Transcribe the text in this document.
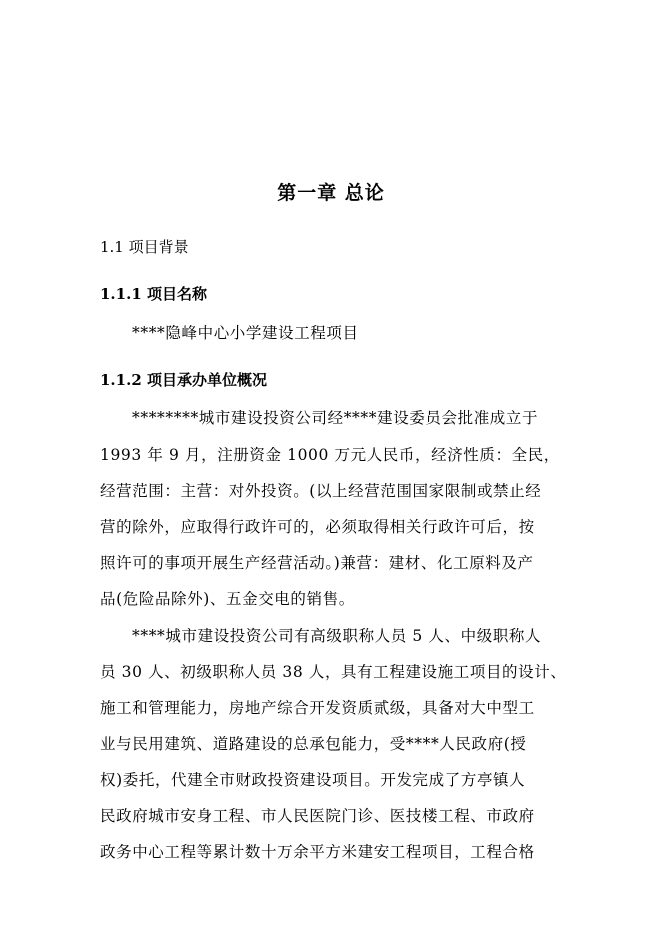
第一章 总论
1.1 项目背景
1.1.1 项目名称
****隐峰中心小学建设工程项目
1.1.2 项目承办单位概况
********城市建设投资公司经****建设委员会批准成立于
1993 年 9 月，注册资金 1000 万元人民币，经济性质：全民，
经营范围：主营：对外投资。(以上经营范围国家限制或禁止经
营的除外，应取得行政许可的，必须取得相关行政许可后，按
照许可的事项开展生产经营活动。)兼营：建材、化工原料及产
品(危险品除外)、五金交电的销售。
****城市建设投资公司有高级职称人员 5 人、中级职称人
员 30 人、初级职称人员 38 人，具有工程建设施工项目的设计、
施工和管理能力，房地产综合开发资质贰级，具备对大中型工
业与民用建筑、道路建设的总承包能力，受****人民政府(授
权)委托，代建全市财政投资建设项目。开发完成了方亭镇人
民政府城市安身工程、市人民医院门诊、医技楼工程、市政府
政务中心工程等累计数十万余平方米建安工程项目，工程合格
